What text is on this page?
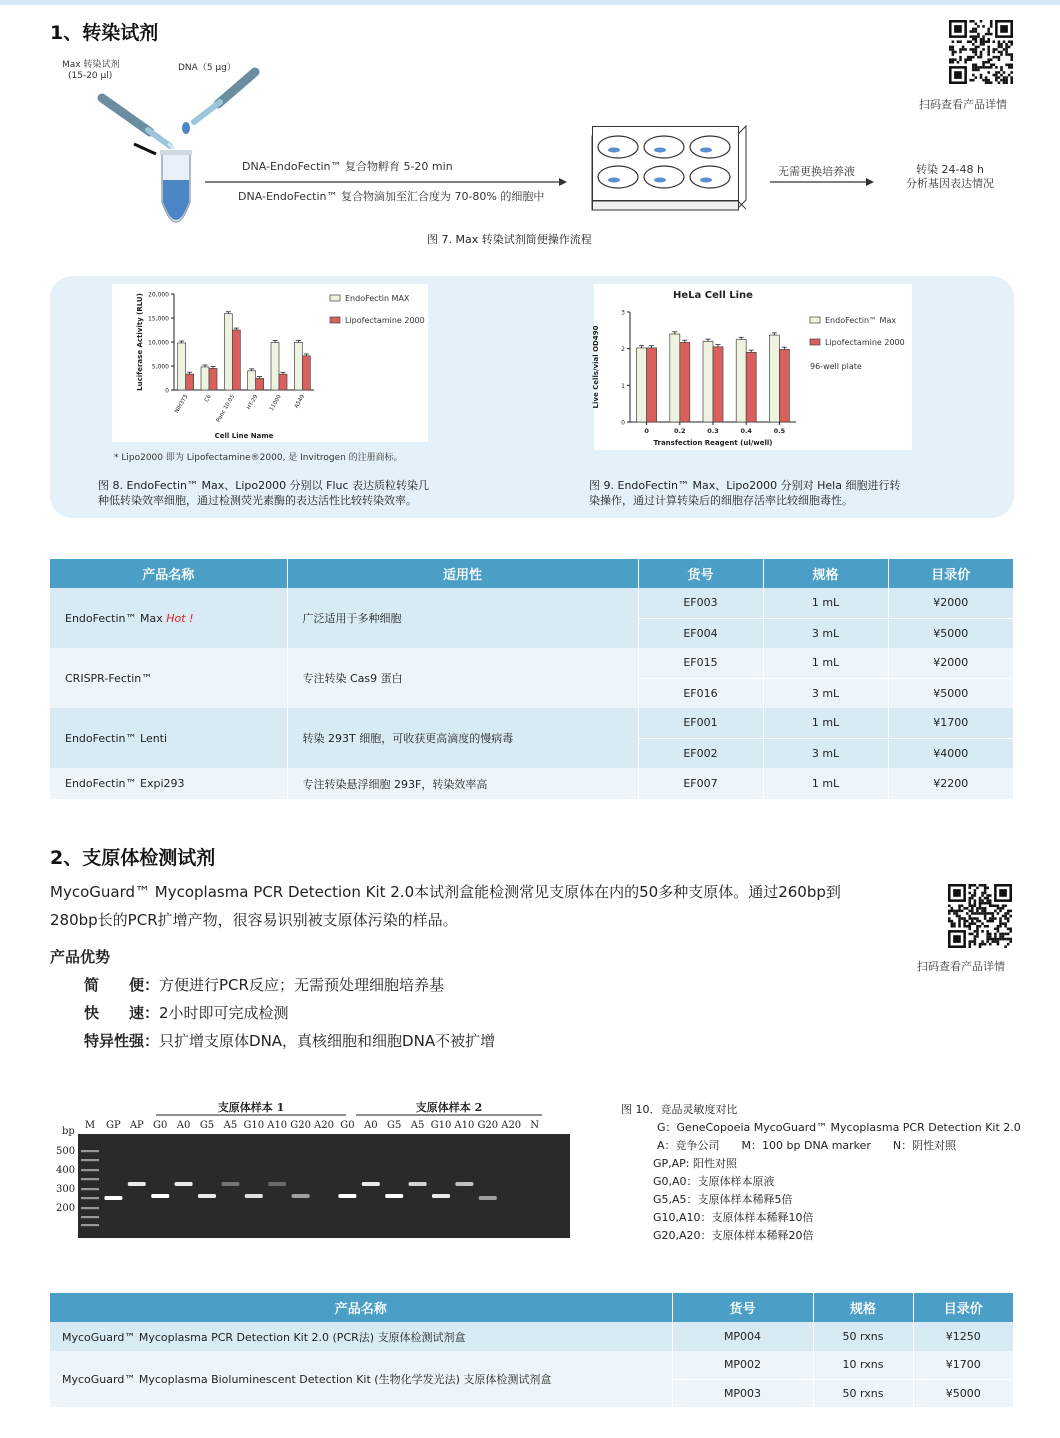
1、转染试剂
扫码查看产品详情
Max 转染试剂
(15-20 μl)
DNA（5 μg）
DNA-EndoFectin™ 复合物孵育 5-20 min
DNA-EndoFectin™ 复合物滴加至汇合度为 70-80% 的细胞中
无需更换培养液	转染 24-48 h
分析基因表达情况
图 7. Max 转染试剂简便操作流程
0
5,000
10,000
15,000
20,000
Luciferase Activity (RLU)
NIH3T3	C6 Panc 10.05 HT-29 11000 A549
Cell Line Name
EndoFectin MAX
Lipofectamine 2000
* Lipo2000 即为 Lipofectamine®2000, 是 Invitrogen 的注册商标。
图 8. EndoFectin™ Max、Lipo2000 分别以 Fluc 表达质粒转染几
种低转染效率细胞，通过检测荧光素酶的表达活性比较转染效率。
HeLa Cell Line
0
1
2
3
Live Cells/vial OD490
0	0.2	0.3	0.4	0.5
Transfection Reagent (ul/well)
EndoFectin™ Max
Lipofectamine 2000
96-well plate
图 9. EndoFectin™ Max、Lipo2000 分别对 Hela 细胞进行转
染操作，通过计算转染后的细胞存活率比较细胞毒性。
产品名称	适用性	货号	规格	目录价
EndoFectin™ Max Hot !	广泛适用于多种细胞	EF003	1 mL	¥2000
		EF004	3 mL	¥5000
CRISPR-Fectin™	专注转染 Cas9 蛋白	EF015	1 mL	¥2000
		EF016	3 mL	¥5000
EndoFectin™ Lenti	转染 293T 细胞，可收获更高滴度的慢病毒	EF001	1 mL	¥1700
		EF002	3 mL	¥4000
EndoFectin™ Expi293	专注转染悬浮细胞 293F，转染效率高	EF007	1 mL	¥2200
2、支原体检测试剂
MycoGuard™ Mycoplasma PCR Detection Kit 2.0本试剂盒能检测常见支原体在内的50多种支原体。通过260bp到
280bp长的PCR扩增产物，很容易识别被支原体污染的样品。
扫码查看产品详情
产品优势
简　　便：方便进行PCR反应；无需预处理细胞培养基
快　　速：2小时即可完成检测
特异性强：只扩增支原体DNA，真核细胞和细胞DNA不被扩增
支原体样本 1	支原体样本 2
bp
500
400
300
200
M GP AP G0 A0 G5 A5 G10 A10 G20 A20 G0 A0 G5 A5 G10 A10 G20 A20 N
图 10．竞品灵敏度对比
G：GeneCopoeia MycoGuard™ Mycoplasma PCR Detection Kit 2.0
A：竞争公司　　M：100 bp DNA marker　　N：阴性对照
GP,AP: 阳性对照
G0,A0：支原体样本原液
G5,A5：支原体样本稀释5倍
G10,A10：支原体样本稀释10倍
G20,A20：支原体样本稀释20倍
产品名称	货号	规格	目录价
MycoGuard™ Mycoplasma PCR Detection Kit 2.0 (PCR法) 支原体检测试剂盒	MP004	50 rxns	¥1250
MycoGuard™ Mycoplasma Bioluminescent Detection Kit (生物化学发光法) 支原体检测试剂盒	MP002	10 rxns	¥1700
	MP003	50 rxns	¥5000
